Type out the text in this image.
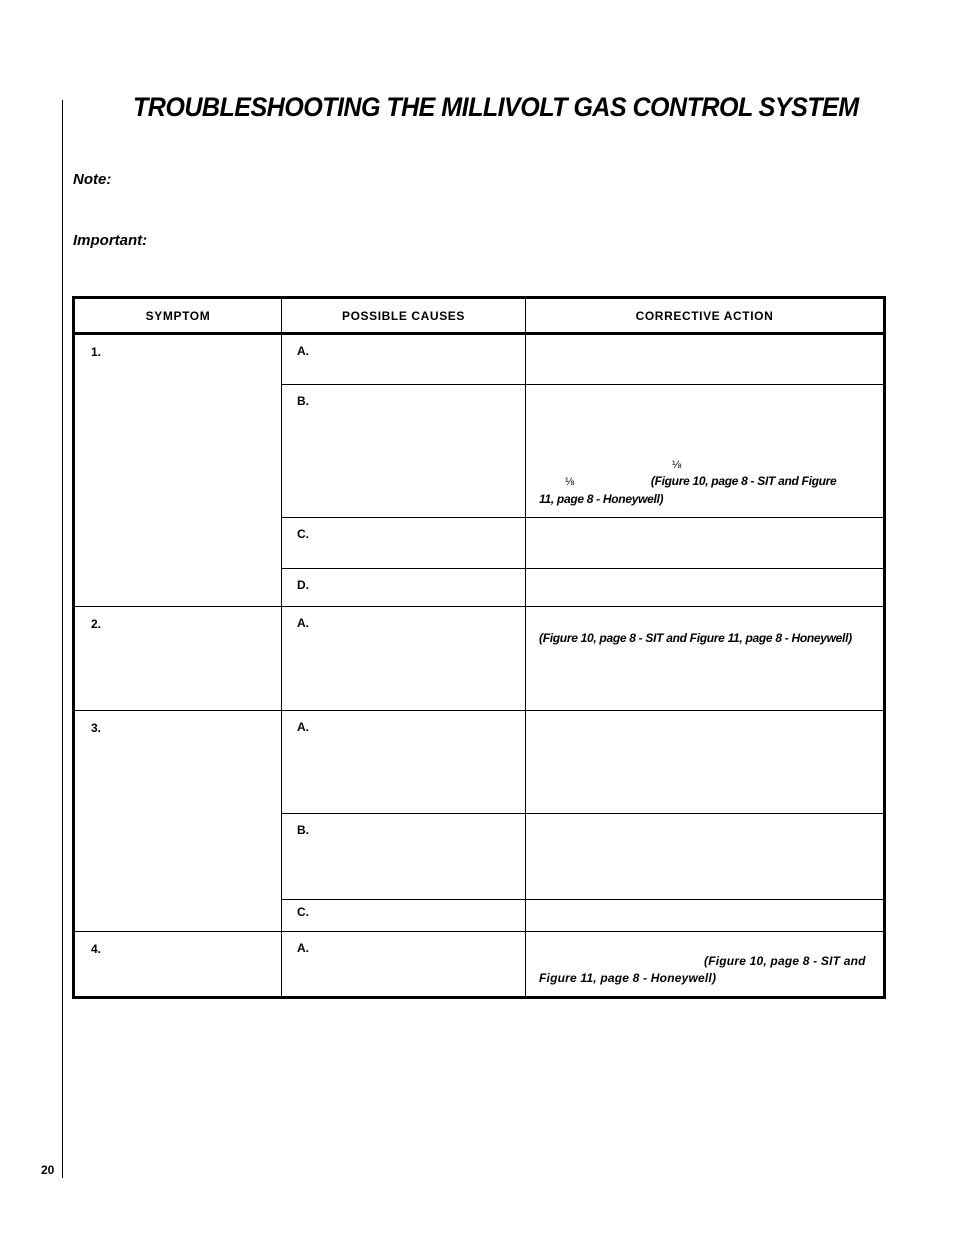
TROUBLESHOOTING THE MILLIVOLT GAS CONTROL SYSTEM
Note:
Important:
SYMPTOM	POSSIBLE CAUSES	CORRECTIVE ACTION
1.	A.	
	B.	⅛
⅛ (Figure 10, page 8 - SIT and Figure
11, page 8 - Honeywell)

	C.	
	D.	
2.	A.	(Figure 10, page 8 - SIT and Figure 11, page 8 - Honeywell)

3.	A.	
	B.	
	C.	
4.	A.	(Figure 10, page 8 - SIT and
Figure 11, page 8 - Honeywell)
20
